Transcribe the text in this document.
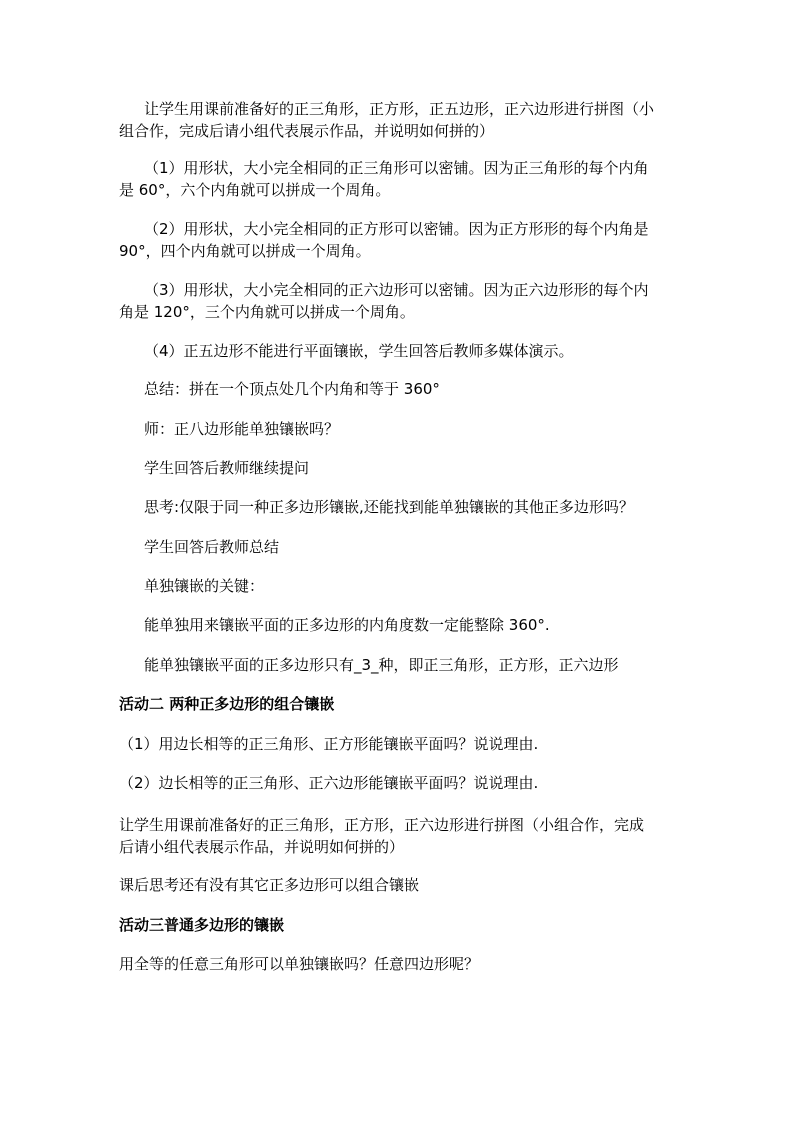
让学生用课前准备好的正三角形，正方形，正五边形，正六边形进行拼图（小
组合作，完成后请小组代表展示作品，并说明如何拼的）
（1）用形状，大小完全相同的正三角形可以密铺。因为正三角形的每个内角
是 60°，六个内角就可以拼成一个周角。
（2）用形状，大小完全相同的正方形可以密铺。因为正方形形的每个内角是
90°，四个内角就可以拼成一个周角。
（3）用形状，大小完全相同的正六边形可以密铺。因为正六边形形的每个内
角是 120°，三个内角就可以拼成一个周角。
（4）正五边形不能进行平面镶嵌，学生回答后教师多媒体演示。
总结：拼在一个顶点处几个内角和等于 360°
师：正八边形能单独镶嵌吗？
学生回答后教师继续提问
思考:仅限于同一种正多边形镶嵌,还能找到能单独镶嵌的其他正多边形吗？
学生回答后教师总结
单独镶嵌的关键：
能单独用来镶嵌平面的正多边形的内角度数一定能整除 360°.
能单独镶嵌平面的正多边形只有_3_种，即正三角形，正方形，正六边形
活动二 两种正多边形的组合镶嵌
（1）用边长相等的正三角形、正方形能镶嵌平面吗？说说理由.
（2）边长相等的正三角形、正六边形能镶嵌平面吗？说说理由.
让学生用课前准备好的正三角形，正方形，正六边形进行拼图（小组合作，完成
后请小组代表展示作品，并说明如何拼的）
课后思考还有没有其它正多边形可以组合镶嵌
活动三普通多边形的镶嵌
用全等的任意三角形可以单独镶嵌吗？任意四边形呢？
